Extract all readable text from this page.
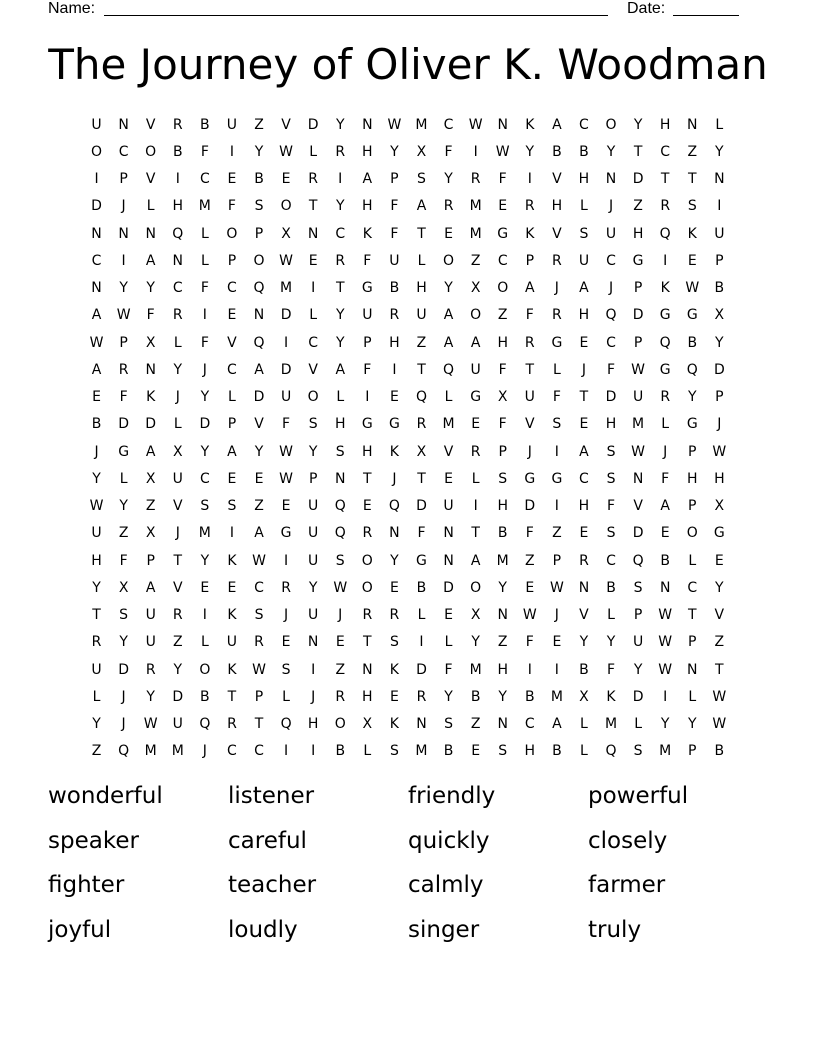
Name:	Date:
The Journey of Oliver K. Woodman
U	N	V	R	B	U	Z	V	D	Y	N	W	M	C	W	N	K	A	C	O	Y	H	N	L
O	C	O	B	F	I	Y	W	L	R	H	Y	X	F	I	W	Y	B	B	Y	T	C	Z	Y
I	P	V	I	C	E	B	E	R	I	A	P	S	Y	R	F	I	V	H	N	D	T	T	N
D	J	L	H	M	F	S	O	T	Y	H	F	A	R	M	E	R	H	L	J	Z	R	S	I
N	N	N	Q	L	O	P	X	N	C	K	F	T	E	M	G	K	V	S	U	H	Q	K	U
C	I	A	N	L	P	O	W	E	R	F	U	L	O	Z	C	P	R	U	C	G	I	E	P
N	Y	Y	C	F	C	Q	M	I	T	G	B	H	Y	X	O	A	J	A	J	P	K	W	B
A	W	F	R	I	E	N	D	L	Y	U	R	U	A	O	Z	F	R	H	Q	D	G	G	X
W	P	X	L	F	V	Q	I	C	Y	P	H	Z	A	A	H	R	G	E	C	P	Q	B	Y
A	R	N	Y	J	C	A	D	V	A	F	I	T	Q	U	F	T	L	J	F	W	G	Q	D
E	F	K	J	Y	L	D	U	O	L	I	E	Q	L	G	X	U	F	T	D	U	R	Y	P
B	D	D	L	D	P	V	F	S	H	G	G	R	M	E	F	V	S	E	H	M	L	G	J
J	G	A	X	Y	A	Y	W	Y	S	H	K	X	V	R	P	J	I	A	S	W	J	P	W
Y	L	X	U	C	E	E	W	P	N	T	J	T	E	L	S	G	G	C	S	N	F	H	H
W	Y	Z	V	S	S	Z	E	U	Q	E	Q	D	U	I	H	D	I	H	F	V	A	P	X
U	Z	X	J	M	I	A	G	U	Q	R	N	F	N	T	B	F	Z	E	S	D	E	O	G
H	F	P	T	Y	K	W	I	U	S	O	Y	G	N	A	M	Z	P	R	C	Q	B	L	E
Y	X	A	V	E	E	C	R	Y	W	O	E	B	D	O	Y	E	W	N	B	S	N	C	Y
T	S	U	R	I	K	S	J	U	J	R	R	L	E	X	N	W	J	V	L	P	W	T	V
R	Y	U	Z	L	U	R	E	N	E	T	S	I	L	Y	Z	F	E	Y	Y	U	W	P	Z
U	D	R	Y	O	K	W	S	I	Z	N	K	D	F	M	H	I	I	B	F	Y	W	N	T
L	J	Y	D	B	T	P	L	J	R	H	E	R	Y	B	Y	B	M	X	K	D	I	L	W
Y	J	W	U	Q	R	T	Q	H	O	X	K	N	S	Z	N	C	A	L	M	L	Y	Y	W
Z	Q	M	M	J	C	C	I	I	B	L	S	M	B	E	S	H	B	L	Q	S	M	P	B
wonderful	listener	friendly	powerful
speaker	careful	quickly	closely
fighter	teacher	calmly	farmer
joyful	loudly	singer	truly
